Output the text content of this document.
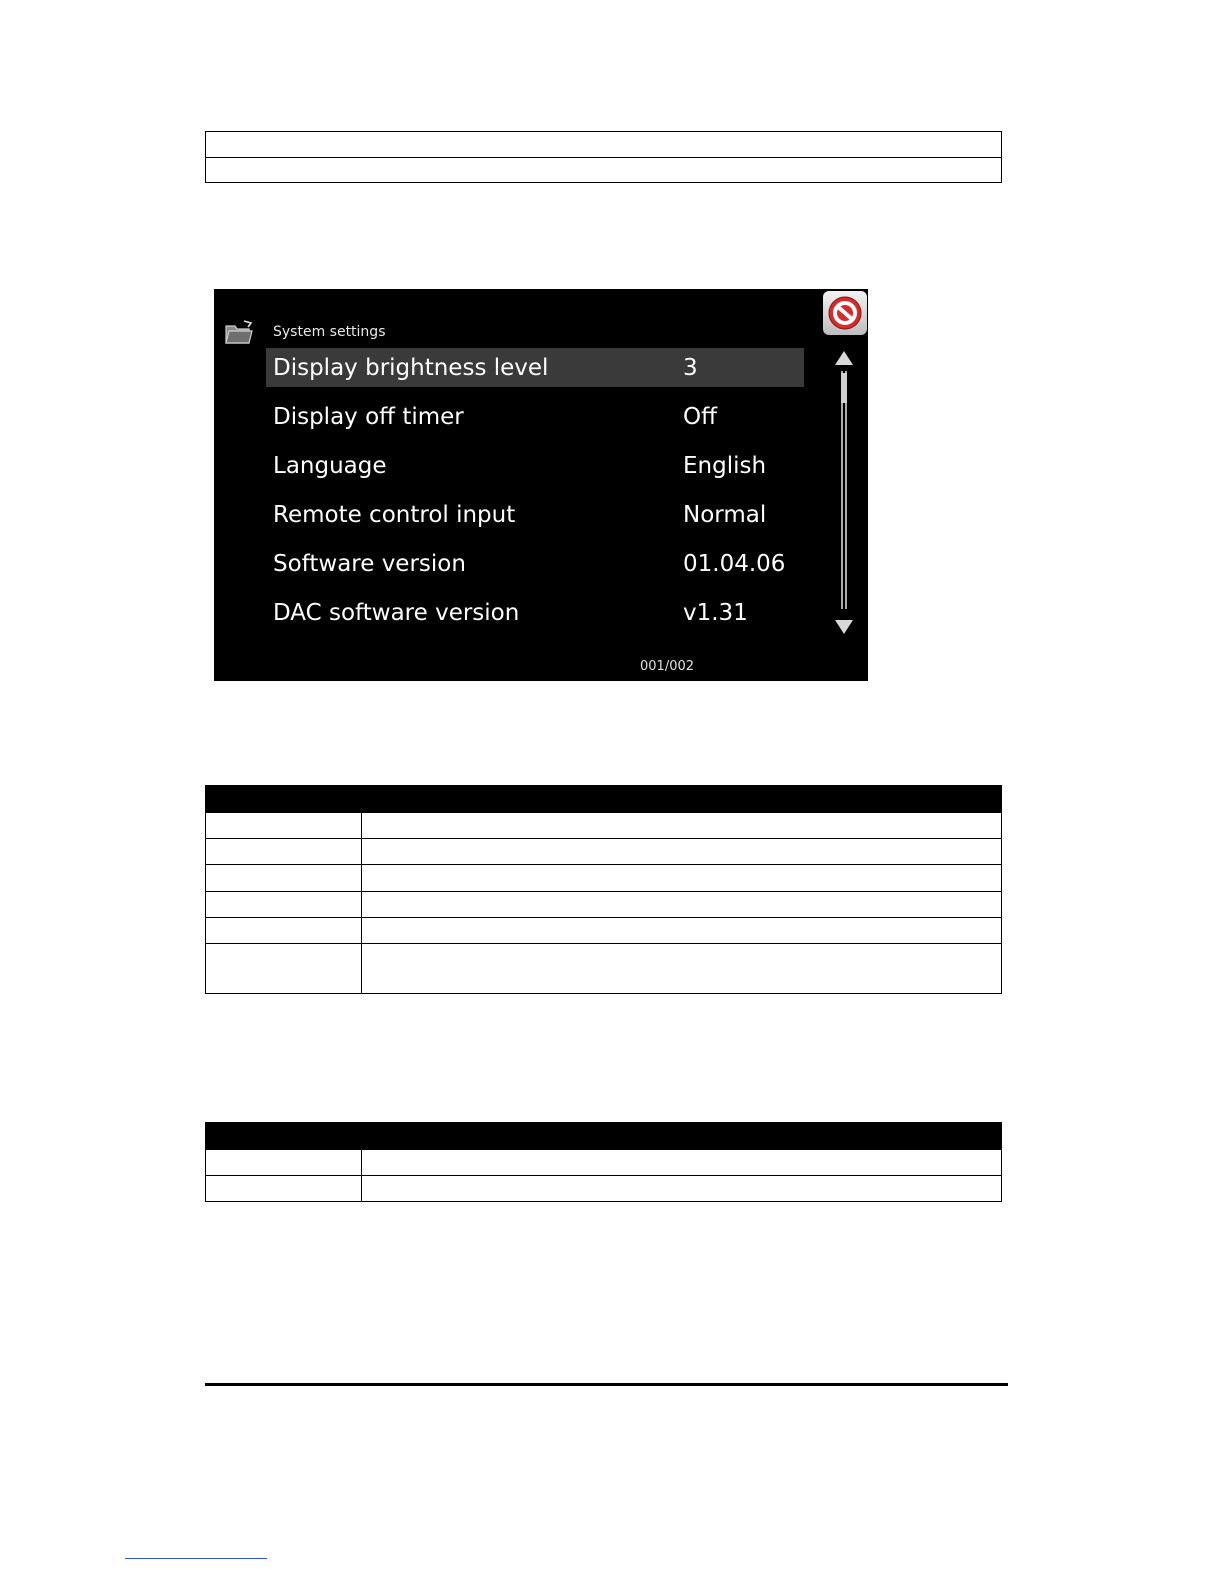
System settings
Display brightness level	3
Display off timer	Off
Language	English
Remote control input	Normal
Software version	01.04.06
DAC software version	v1.31
001/002
